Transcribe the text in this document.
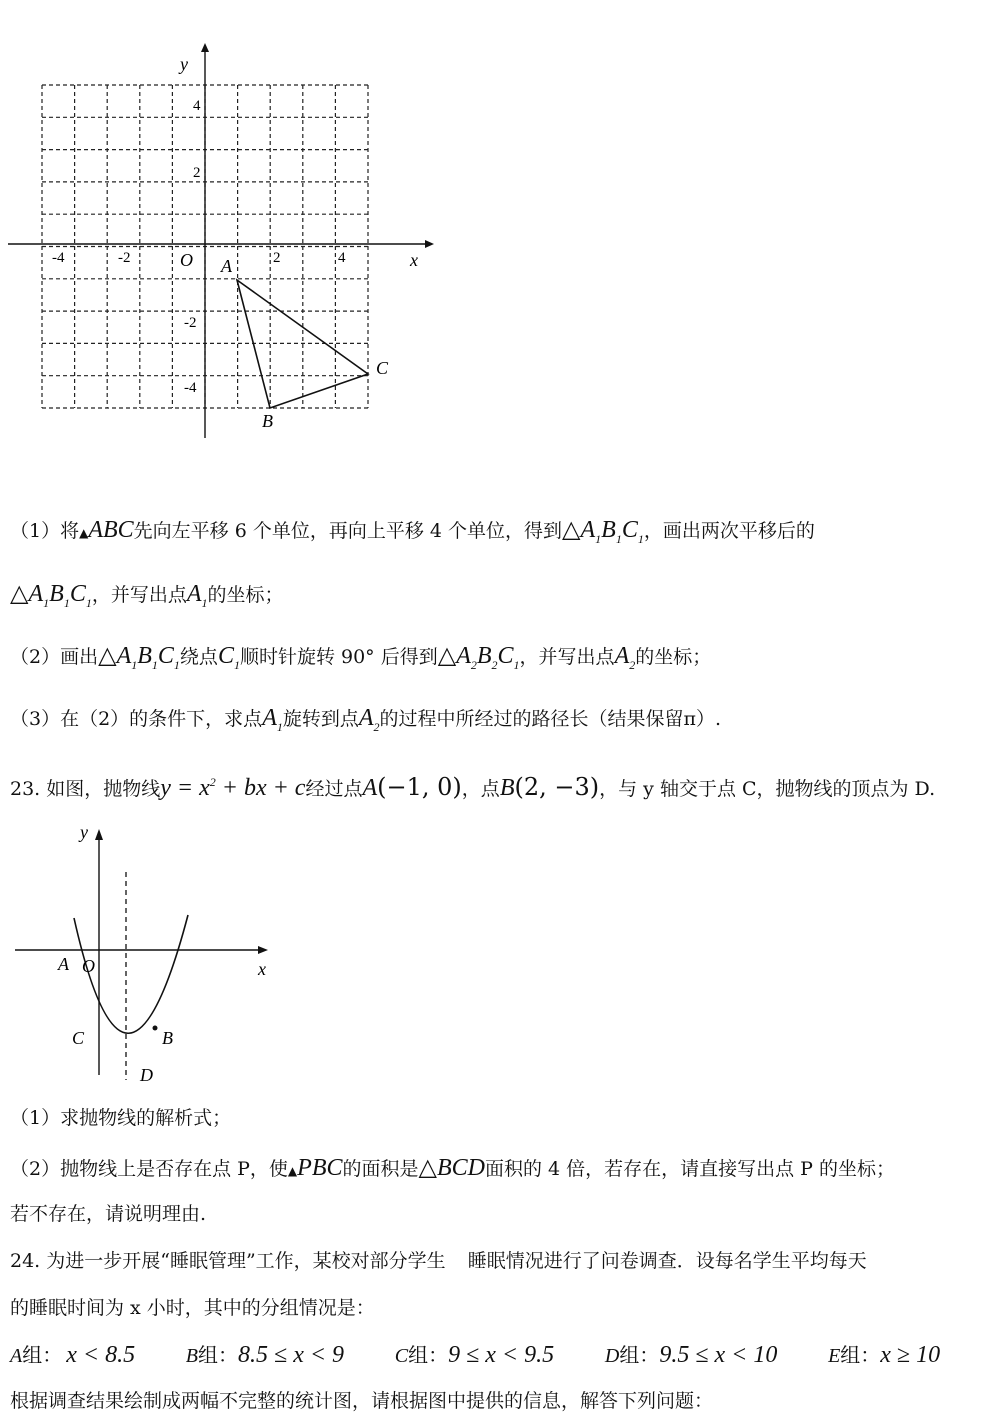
y
x
O
-4	-2	2	4
4
2
-2
-4
A
B
C
（1）将▲ABC先向左平移 6 个单位，再向上平移 4 个单位，得到$\triangle A_1B_1C_1$，画出两次平移后的
$\triangle A_1B_1C_1$，并写出点$A_1$的坐标；
（2）画出$\triangle A_1B_1C_1$绕点$C_1$顺时针旋转 90° 后得到$\triangle A_2B_2C_1$，并写出点$A_2$的坐标；
（3）在（2）的条件下，求点$A_1$旋转到点$A_2$的过程中所经过的路径长（结果保留π）.
23. 如图，抛物线$y = x^2$ + bx + c经过点A(−1, 0)，点B(2, −3)，与 y 轴交于点 C，抛物线的顶点为 D.
y
x
A O
C	B
D
（1）求抛物线的解析式；
（2）抛物线上是否存在点 P，使▲PBC的面积是△BCD面积的 4 倍，若存在，请直接写出点 P 的坐标；
若不存在，请说明理由.
24. 为进一步开展“睡眠管理”工作，某校对部分学生 睡眠情况进行了问卷调查．设每名学生平均每天
的睡眠时间为 x 小时，其中的分组情况是：
A组： x < 8.5	B组：8.5 ≤ x < 9	C组：9 ≤ x < 9.5	D组：9.5 ≤ x < 10	E组：x ≥ 10
根据调查结果绘制成两幅不完整的统计图，请根据图中提供的信息，解答下列问题：
